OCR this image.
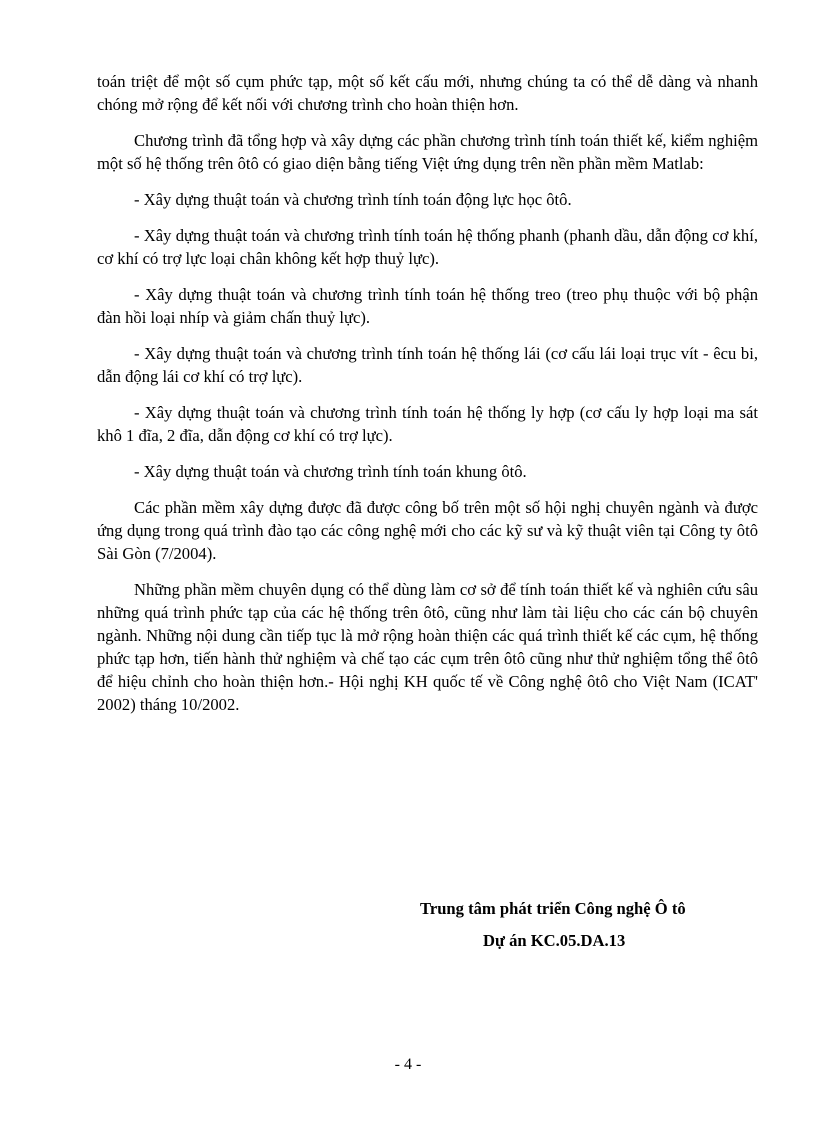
toán triệt để một số cụm phức tạp, một số kết cấu mới, nhưng chúng ta có thể dễ dàng và nhanh chóng mở rộng để kết nối với chương trình cho hoàn thiện hơn.

Chương trình đã tổng hợp và xây dựng các phần chương trình tính toán thiết kế, kiểm nghiệm một số hệ thống trên ôtô có giao diện bằng tiếng Việt ứng dụng trên nền phần mềm Matlab:

- Xây dựng thuật toán và chương trình tính toán động lực học ôtô.

- Xây dựng thuật toán và chương trình tính toán hệ thống phanh (phanh dầu, dẫn động cơ khí, cơ khí có trợ lực loại chân không kết hợp thuỷ lực).

- Xây dựng thuật toán và chương trình tính toán hệ thống treo (treo phụ thuộc với bộ phận đàn hồi loại nhíp và giảm chấn thuỷ lực).

- Xây dựng thuật toán và chương trình tính toán hệ thống lái (cơ cấu lái loại trục vít - êcu bi, dẫn động lái cơ khí có trợ lực).

- Xây dựng thuật toán và chương trình tính toán hệ thống ly hợp (cơ cấu ly hợp loại ma sát khô 1 đĩa, 2 đĩa, dẫn động cơ khí có trợ lực).

- Xây dựng thuật toán và chương trình tính toán khung ôtô.

Các phần mềm xây dựng được đã được công bố trên một số hội nghị chuyên ngành và được ứng dụng trong quá trình đào tạo các công nghệ mới cho các kỹ sư và kỹ thuật viên tại Công ty ôtô Sài Gòn (7/2004).

Những phần mềm chuyên dụng có thể dùng làm cơ sở để tính toán thiết kế và nghiên cứu sâu những quá trình phức tạp của các hệ thống trên ôtô, cũng như làm tài liệu cho các cán bộ chuyên ngành. Những nội dung cần tiếp tục là mở rộng hoàn thiện các quá trình thiết kế các cụm, hệ thống phức tạp hơn, tiến hành thử nghiệm và chế tạo các cụm trên ôtô cũng như thử nghiệm tổng thể ôtô để hiệu chỉnh cho hoàn thiện hơn.- Hội nghị KH quốc tế về Công nghệ ôtô cho Việt Nam (ICAT' 2002) tháng 10/2002.

Trung tâm phát triển Công nghệ Ô tô
Dự án KC.05.DA.13
- 4 -
